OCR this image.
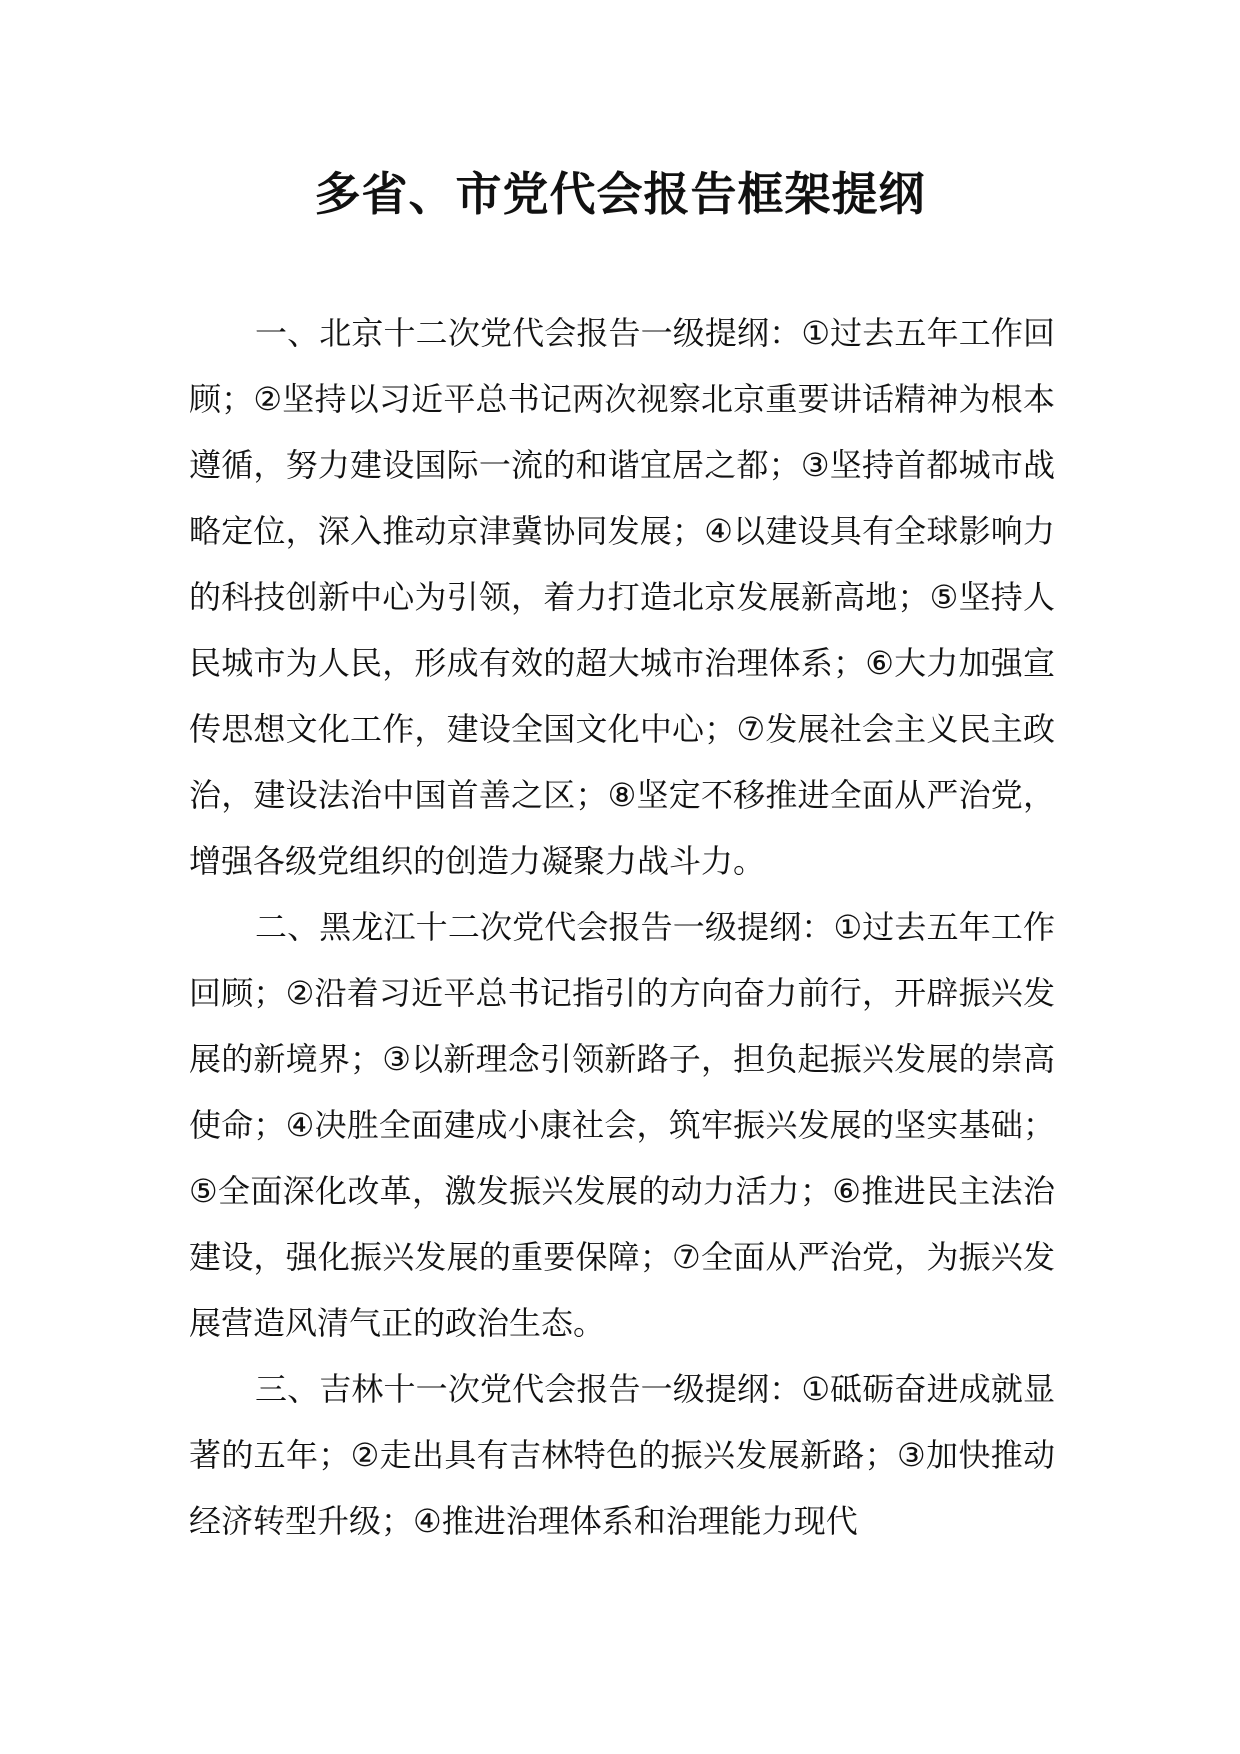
多省、市党代会报告框架提纲

一、北京十二次党代会报告一级提纲：①过去五年工作回顾；②坚持以习近平总书记两次视察北京重要讲话精神为根本遵循，努力建设国际一流的和谐宜居之都；③坚持首都城市战略定位，深入推动京津冀协同发展；④以建设具有全球影响力的科技创新中心为引领，着力打造北京发展新高地；⑤坚持人民城市为人民，形成有效的超大城市治理体系；⑥大力加强宣传思想文化工作，建设全国文化中心；⑦发展社会主义民主政治，建设法治中国首善之区；⑧坚定不移推进全面从严治党，增强各级党组织的创造力凝聚力战斗力。

二、黑龙江十二次党代会报告一级提纲：①过去五年工作回顾；②沿着习近平总书记指引的方向奋力前行，开辟振兴发展的新境界；③以新理念引领新路子，担负起振兴发展的崇高使命；④决胜全面建成小康社会，筑牢振兴发展的坚实基础；⑤全面深化改革，激发振兴发展的动力活力；⑥推进民主法治建设，强化振兴发展的重要保障；⑦全面从严治党，为振兴发展营造风清气正的政治生态。

三、吉林十一次党代会报告一级提纲：①砥砺奋进成就显著的五年；②走出具有吉林特色的振兴发展新路；③加快推动经济转型升级；④推进治理体系和治理能力现代
